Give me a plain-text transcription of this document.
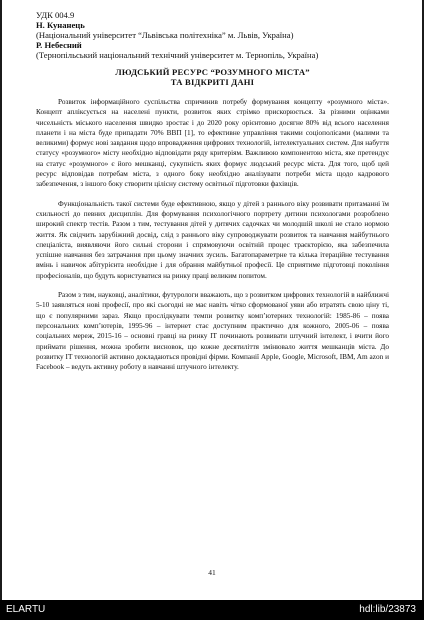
УДК 004.9
Н. Кунанець
(Національний університет “Львівська політехніка” м. Львів, Україна)
Р. Небесний
(Тернопільський національний технічний університет м. Тернопіль, Україна)
ЛЮДСЬКИЙ РЕСУРС “РОЗУМНОГО МІСТА”
ТА ВІДКРИТІ ДАНІ

Розвиток інформаційного суспільства спричинив потребу формування концепту «розумного міста». Концепт апліксується на населені пункти, розвиток яких стрімко прискорюється. За різними оцінками чисельність міського населення швидко зростає і до 2020 року орієнтовно досягне 80% від всього населення планети і на міста буде припадати 70% ВВП [1], то ефективне управління такими соціополісами (малими та великими) формує нові завдання щодо впровадження цифрових технологій, інтелектуальних систем. Для набуття статусу «розумного» місту необхідно відповідати ряду критеріям. Важливою компонентою міста, яке претендує на статус «розумного» є його мешканці, сукупність яких формує людський ресурс міста. Для того, щоб цей ресурс відповідав потребам міста, з одного боку необхідно аналізувати потреби міста щодо кадрового забезпечення, з іншого боку створити цілісну систему освітньої підготовки фахівців.

Функціональність такої системи буде ефективною, якщо у дітей з раннього віку розвивати притаманні їм схильності до певних дисциплін. Для формування психологічного портрету дитини психологами розроблено широкий спектр тестів. Разом з тим, тестування дітей у дитячих садочках чи молодшій школі не стало нормою життя. Як свідчить зарубіжний досвід, слід з раннього віку супроводжувати розвиток та навчання майбутнього спеціаліста, виявляючи його сильні сторони і спрямовуючи освітній процес траєкторією, яка забезпечила успішне навчання без затрачання при цьому значних зусиль. Багатопараметрне та кілька ітераційне тестування вмінь і навичок абітурієнта необхідне і для обрання майбутньої професії. Це сприятиме підготовці покоління професіоналів, що будуть користуватися на ринку праці великим попитом.

Разом з тим, науковці, аналітики, футурологи вважають, що з розвитком цифрових технологій в найближчі 5-10 заявляться нові професії, про які сьогодні не має навіть чітко сформованої уяви або втратять свою ціну ті, що є популярними зараз. Якщо прослідкувати темпи розвитку комп’ютерних технологій: 1985-86 – поява персональних комп’ютерів, 1995-96 – інтернет стає доступним практично для кожного, 2005-06 – поява соціальних мереж, 2015-16 – основні гравці на ринку ІТ починають розвивати штучний інтелект, і вчити його приймати рішення, можна зробити висновок, що кожне десятиліття змінювало життя мешканців міста. До розвитку ІТ технологій активно докладаються провідні фірми. Компанії Apple, Google, Microsoft, IBM, Am azon и Facebook – ведуть активну роботу в навчанні штучного інтелекту.

41
ELARTU	hdl:lib/23873
